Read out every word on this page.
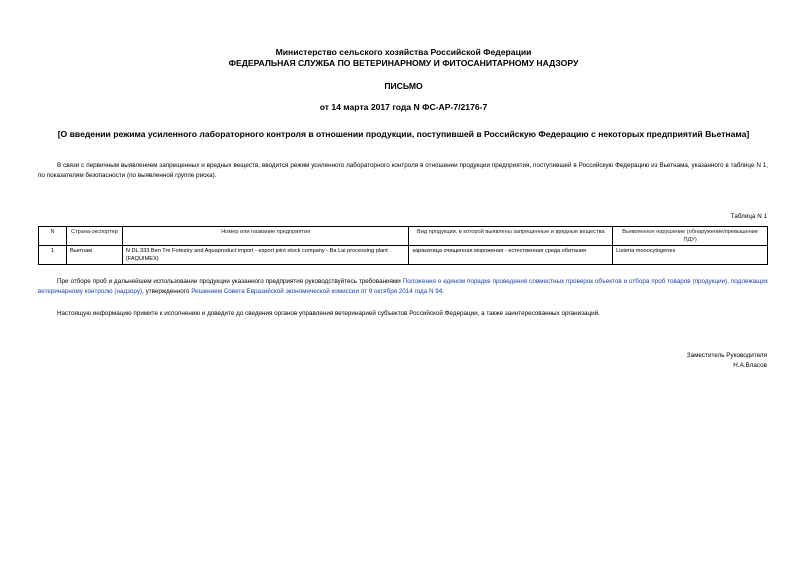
Министерство сельского хозяйства Российской Федерации
ФЕДЕРАЛЬНАЯ СЛУЖБА ПО ВЕТЕРИНАРНОМУ И ФИТОСАНИТАРНОМУ НАДЗОРУ
ПИСЬМО
от 14 марта 2017 года N ФС-АР-7/2176-7
[О введении режима усиленного лабораторного контроля в отношении продукции, поступившей в Российскую Федерацию с некоторых предприятий Вьетнама]
В связи с первичным выявлением запрещенных и вредных веществ, вводится режим усиленного лабораторного контроля в отношении продукции предприятия, поступившей в Российскую Федерацию из Вьетнама, указанного в таблице N 1, по показателям безопасности (по выявленной группе риска).
Таблица N 1
N	Страна-экспортер	Номер или название предприятия	Вид продукции, в которой выявлены запрещенные и вредные вещества	Выявленное нарушение (обнаружение/превышение ПДУ)
1	Вьетнам	N DL 333 Ben Tre Forestry and Aquaproduct import - export joint stock company - Ba Lai processing plant (FAQUIMEX)	каракатица очищенная мороженая - естественная среда обитания	Listeria monocytogenes
При отборе проб и дальнейшем использовании продукции указанного предприятия руководствуйтесь требованиями Положения о едином порядке проведения совместных проверок объектов и отбора проб товаров (продукции), подлежащих ветеринарному контролю (надзору), утвержденного Решением Совета Евразийской экономической комиссии от 9 октября 2014 года N 94.
Настоящую информацию примите к исполнению и доведите до сведения органов управления ветеринарией субъектов Российской Федерации, а также заинтересованных организаций.
Заместитель Руководителя
Н.А.Власов
